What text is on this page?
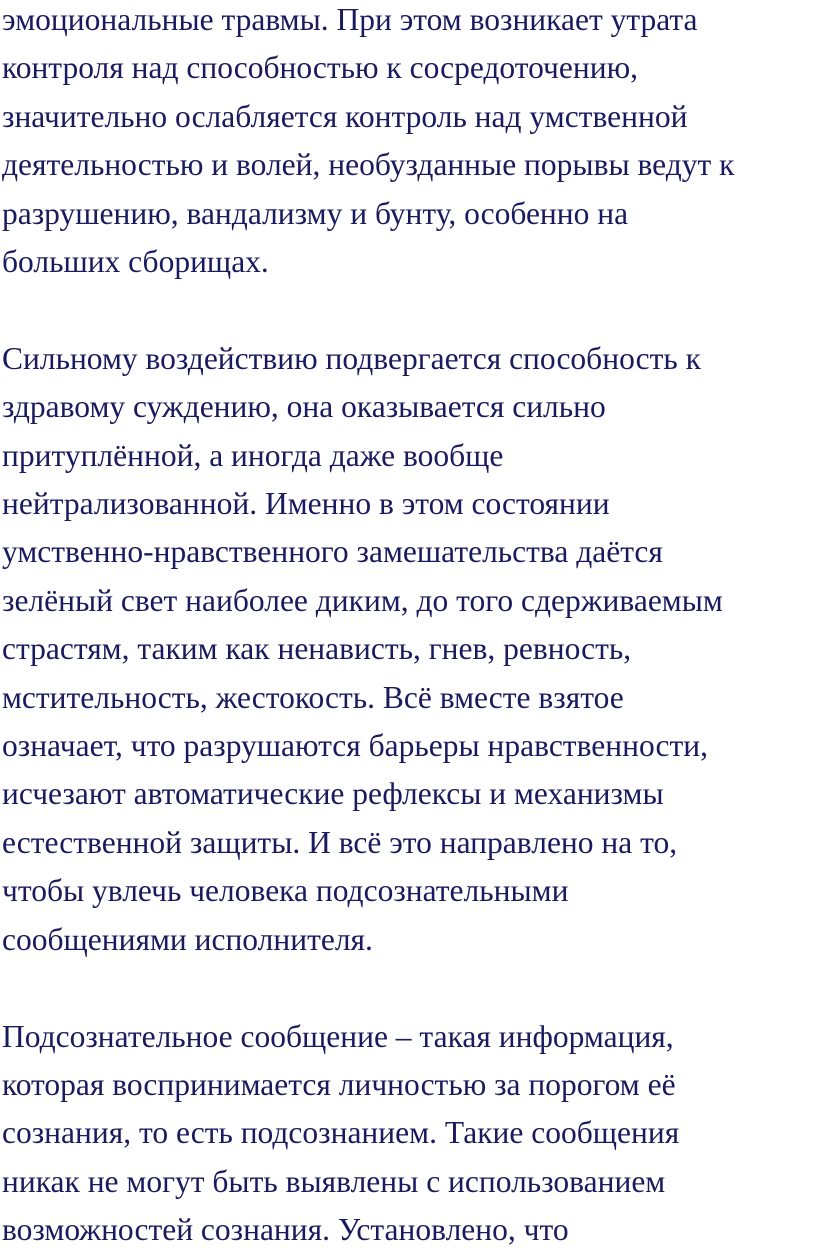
эмоциональные травмы. При этом возникает утрата
контроля над способностью к сосредоточению,
значительно ослабляется контроль над умственной
деятельностью и волей, необузданные порывы ведут к
разрушению, вандализму и бунту, особенно на
больших сборищах.

Сильному воздействию подвергается способность к
здравому суждению, она оказывается сильно
притуплённой, а иногда даже вообще
нейтрализованной. Именно в этом состоянии
умственно-нравственного замешательства даётся
зелёный свет наиболее диким, до того сдерживаемым
страстям, таким как ненависть, гнев, ревность,
мстительность, жестокость. Всё вместе взятое
означает, что разрушаются барьеры нравственности,
исчезают автоматические рефлексы и механизмы
естественной защиты. И всё это направлено на то,
чтобы увлечь человека подсознательными
сообщениями исполнителя.

Подсознательное сообщение – такая информация,
которая воспринимается личностью за порогом её
сознания, то есть подсознанием. Такие сообщения
никак не могут быть выявлены с использованием
возможностей сознания. Установлено, что
